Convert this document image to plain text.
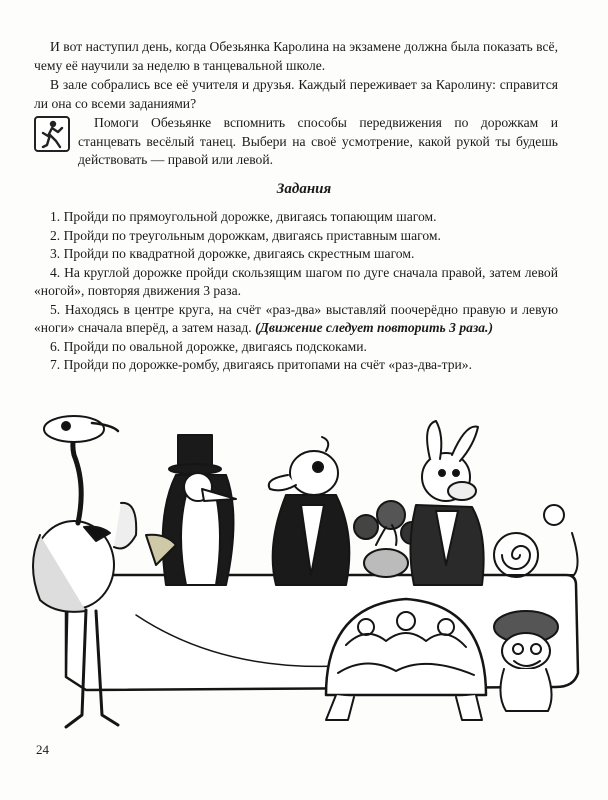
И вот наступил день, когда Обезьянка Каролина на экзамене должна была показать всё, чему её научили за неделю в танцевальной школе.

В зале собрались все её учителя и друзья. Каждый переживает за Каролину: справится ли она со всеми заданиями?

Помоги Обезьянке вспомнить способы передвижения по дорожкам и станцевать весёлый танец. Выбери на своё усмотрение, какой рукой ты будешь действовать — правой или левой.

Задания
1. Пройди по прямоугольной дорожке, двигаясь топающим шагом.
2. Пройди по треугольным дорожкам, двигаясь приставным шагом.
3. Пройди по квадратной дорожке, двигаясь скрестным шагом.
4. На круглой дорожке пройди скользящим шагом по дуге сначала правой, затем левой «ногой», повторяя движения 3 раза.
5. Находясь в центре круга, на счёт «раз-два» выставляй поочерёдно правую и левую «ноги» сначала вперёд, а затем назад. (Движение следует повторить 3 раза.)
6. Пройди по овальной дорожке, двигаясь подскоками.
7. Пройди по дорожке-ромбу, двигаясь притопами на счёт «раз-два-три».
24
